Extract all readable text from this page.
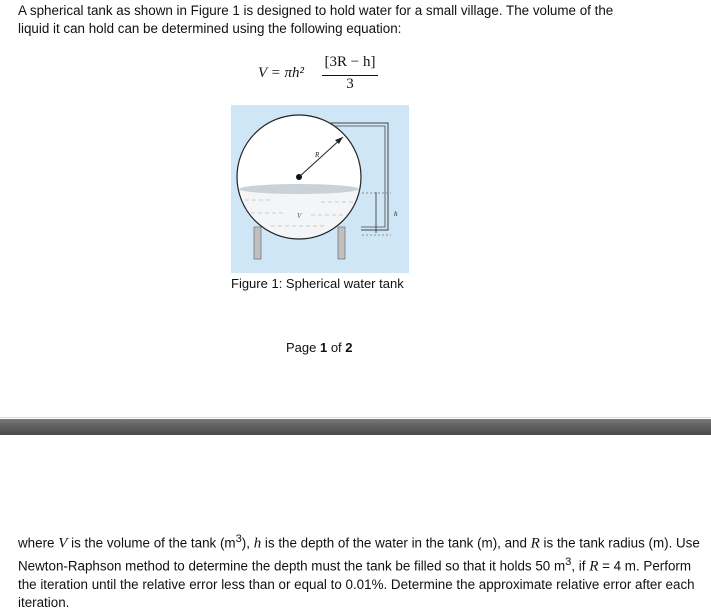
A spherical tank as shown in Figure 1 is designed to hold water for a small village. The volume of the
liquid it can hold can be determined using the following equation:
V = πh²
[3R − h]
3
R
V	h
Figure 1: Spherical water tank
Page 1 of 2
where V is the volume of the tank $(m^3)$, h is the depth of the water in the tank (m), and R is the tank radius (m). Use Newton-Raphson method to determine the depth must the tank be filled so that it holds 50 $m^3$, if R = 4 m. Perform the iteration until the relative error less than or equal to 0.01%. Determine the approximate relative error after each iteration.
